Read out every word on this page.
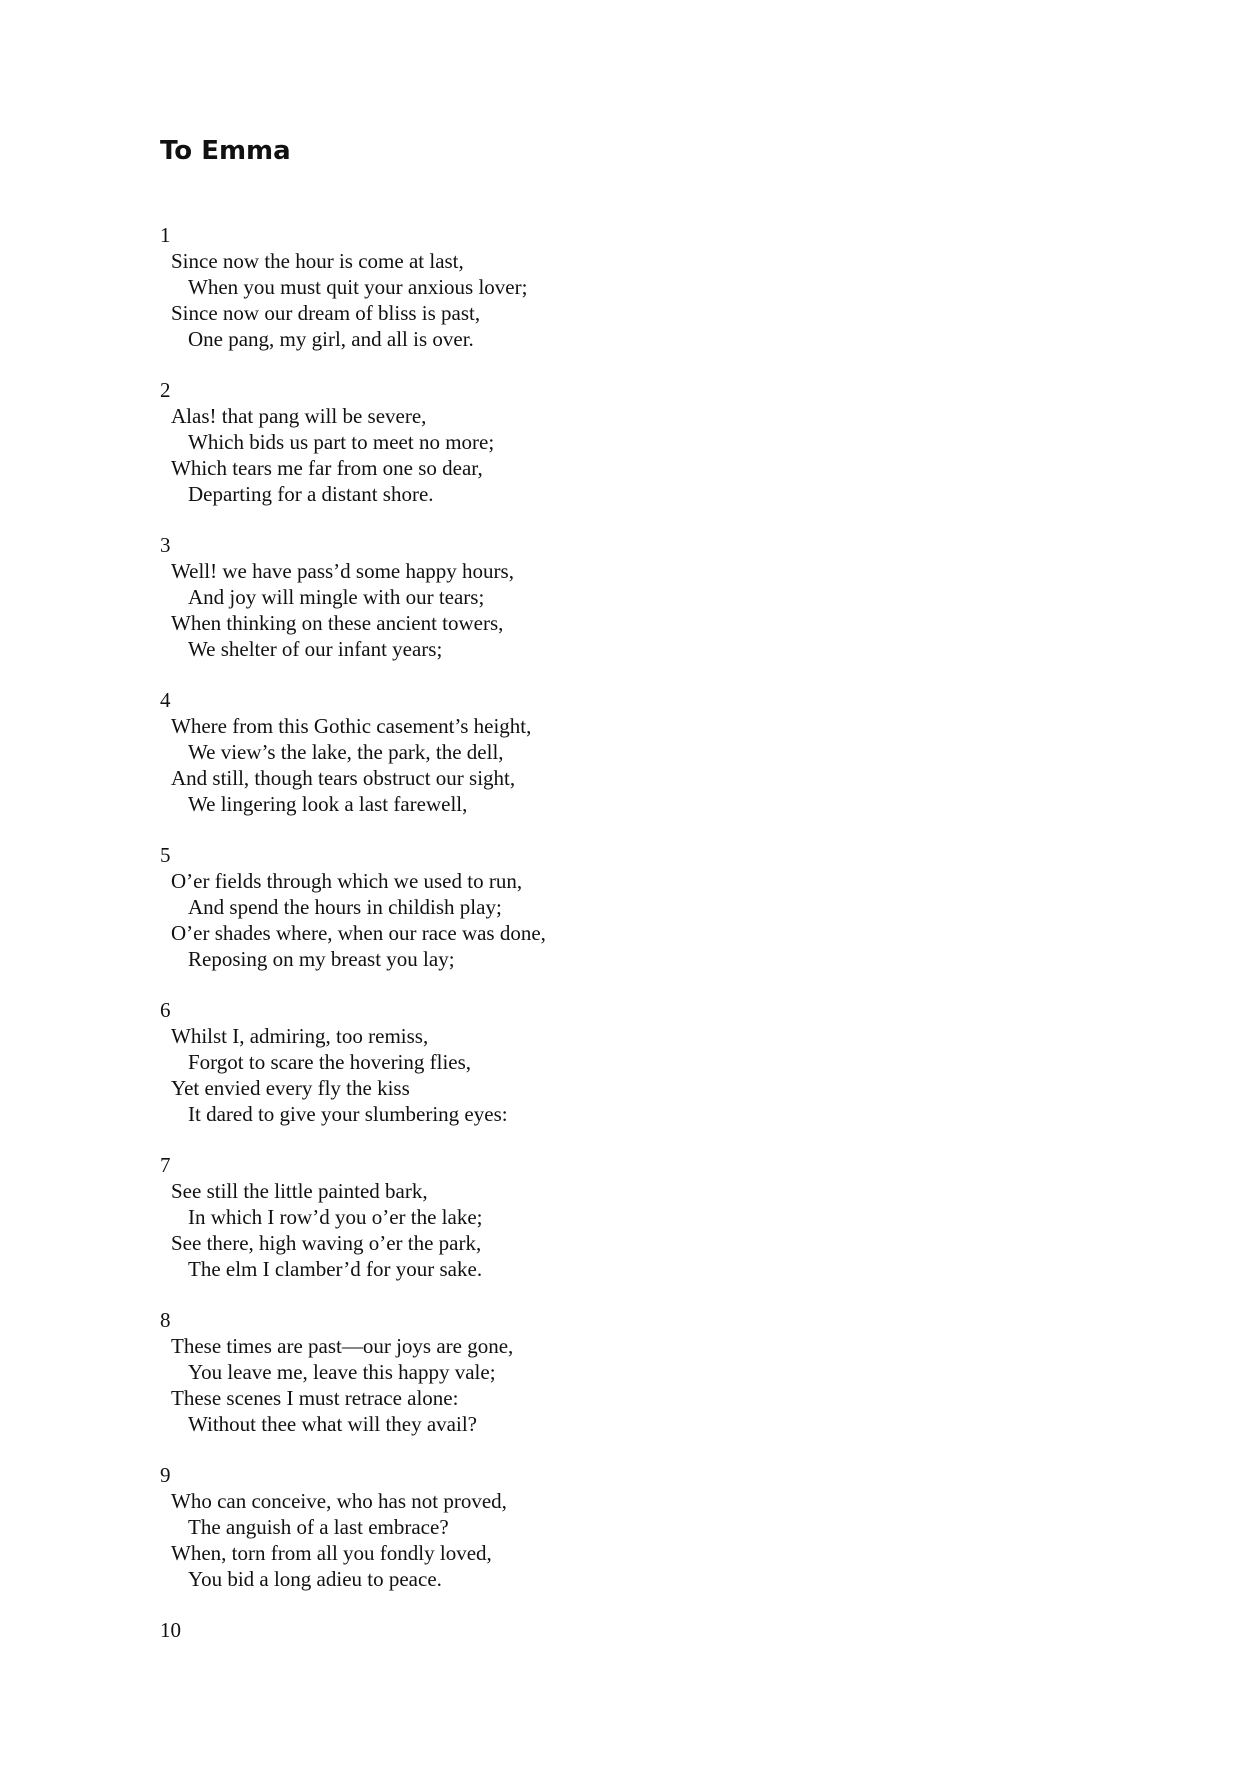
To Emma
1
Since now the hour is come at last,
When you must quit your anxious lover;
Since now our dream of bliss is past,
One pang, my girl, and all is over.
2
Alas! that pang will be severe,
Which bids us part to meet no more;
Which tears me far from one so dear,
Departing for a distant shore.
3
Well! we have pass’d some happy hours,
And joy will mingle with our tears;
When thinking on these ancient towers,
We shelter of our infant years;
4
Where from this Gothic casement’s height,
We view’s the lake, the park, the dell,
And still, though tears obstruct our sight,
We lingering look a last farewell,
5
O’er fields through which we used to run,
And spend the hours in childish play;
O’er shades where, when our race was done,
Reposing on my breast you lay;
6
Whilst I, admiring, too remiss,
Forgot to scare the hovering flies,
Yet envied every fly the kiss
It dared to give your slumbering eyes:
7
See still the little painted bark,
In which I row’d you o’er the lake;
See there, high waving o’er the park,
The elm I clamber’d for your sake.
8
These times are past—our joys are gone,
You leave me, leave this happy vale;
These scenes I must retrace alone:
Without thee what will they avail?
9
Who can conceive, who has not proved,
The anguish of a last embrace?
When, torn from all you fondly loved,
You bid a long adieu to peace.
10
